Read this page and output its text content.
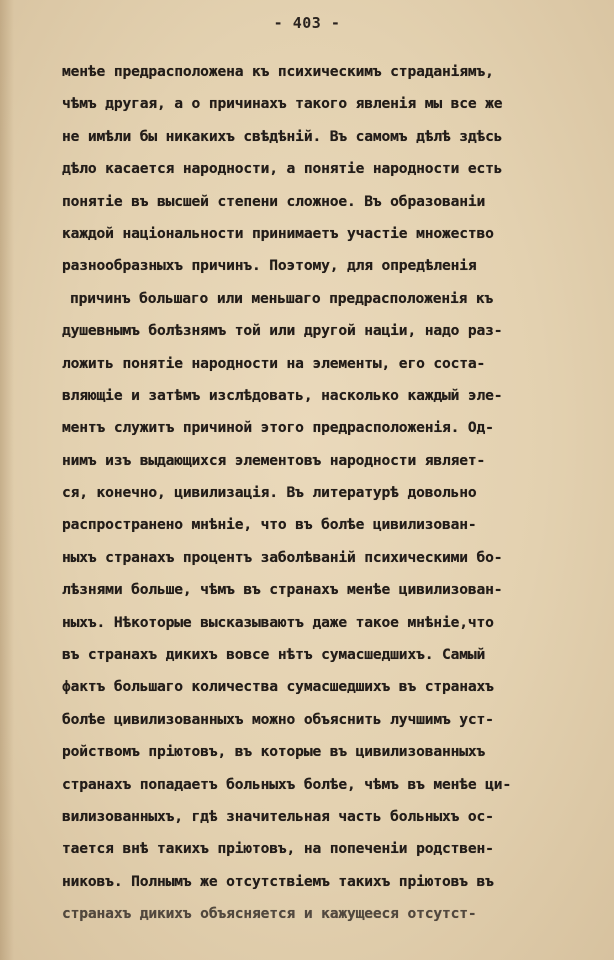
- 403 -
менѣе предрасположена къ психическимъ страданiямъ,
чѣмъ другая, а о причинахъ такого явленiя мы все же
не имѣли бы никакихъ свѣдѣнiй. Въ самомъ дѣлѣ здѣсь
дѣло касается народности, а понятiе народности есть
понятiе въ высшей степени сложное. Въ образованiи
каждой нацiональности принимаетъ участiе множество
разнообразныхъ причинъ. Поэтому, для опредѣленiя
причинъ большаго или меньшаго предрасположенiя къ
душевнымъ болѣзнямъ той или другой нацiи, надо раз-
ложить понятiе народности на элементы, его соста-
вляющiе и затѣмъ изслѣдовать, насколько каждый эле-
ментъ служитъ причиной этого предрасположенiя. Од-
нимъ изъ выдающихся элементовъ народности являет-
ся, конечно, цивилизацiя. Въ литературѣ довольно
распространено мнѣнiе, что въ болѣе цивилизован-
ныхъ странахъ процентъ заболѣванiй психическими бо-
лѣзнями больше, чѣмъ въ странахъ менѣе цивилизован-
ныхъ. Нѣкоторые высказываютъ даже такое мнѣнiе,что
въ странахъ дикихъ вовсе нѣтъ сумасшедшихъ. Самый
фактъ большаго количества сумасшедшихъ въ странахъ
болѣе цивилизованныхъ можно объяснить лучшимъ уст-
ройствомъ прiютовъ, въ которые въ цивилизованныхъ
странахъ попадаетъ больныхъ болѣе, чѣмъ въ менѣе ци-
вилизованныхъ, гдѣ значительная часть больныхъ ос-
тается внѣ такихъ прiютовъ, на попеченiи родствен-
никовъ. Полнымъ же отсутствiемъ такихъ прiютовъ въ
странахъ дикихъ объясняется и кажущееся отсутст-
